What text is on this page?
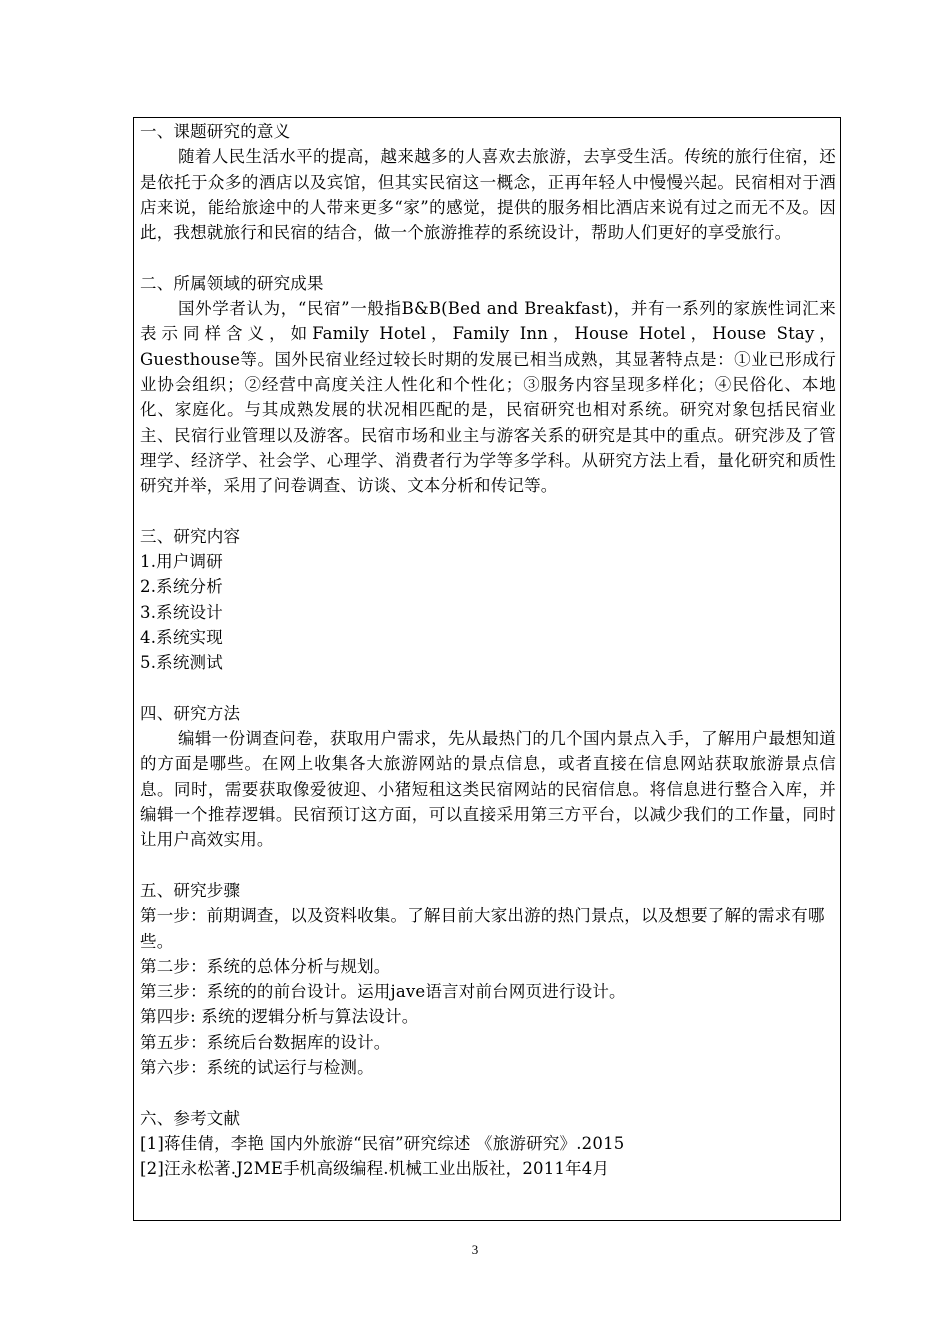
一、课题研究的意义

随着人民生活水平的提高，越来越多的人喜欢去旅游，去享受生活。传统的旅行住宿，还是依托于众多的酒店以及宾馆，但其实民宿这一概念，正再年轻人中慢慢兴起。民宿相对于酒店来说，能给旅途中的人带来更多“家”的感觉，提供的服务相比酒店来说有过之而无不及。因此，我想就旅行和民宿的结合，做一个旅游推荐的系统设计，帮助人们更好的享受旅行。

二、所属领域的研究成果

国外学者认为，“民宿”一般指B&B(Bed and Breakfast)，并有一系列的家族性词汇来表示同样含义，如Family Hotel，Family Inn，House Hotel，House Stay，Guesthouse等。国外民宿业经过较长时期的发展已相当成熟，其显著特点是：①业已形成行业协会组织；②经营中高度关注人性化和个性化；③服务内容呈现多样化；④民俗化、本地化、家庭化。与其成熟发展的状况相匹配的是，民宿研究也相对系统。研究对象包括民宿业主、民宿行业管理以及游客。民宿市场和业主与游客关系的研究是其中的重点。研究涉及了管理学、经济学、社会学、心理学、消费者行为学等多学科。从研究方法上看，量化研究和质性研究并举，采用了问卷调查、访谈、文本分析和传记等。

三、研究内容

1.用户调研

2.系统分析

3.系统设计

4.系统实现

5.系统测试

四、研究方法

编辑一份调查问卷，获取用户需求，先从最热门的几个国内景点入手，了解用户最想知道的方面是哪些。在网上收集各大旅游网站的景点信息，或者直接在信息网站获取旅游景点信息。同时，需要获取像爱彼迎、小猪短租这类民宿网站的民宿信息。将信息进行整合入库，并编辑一个推荐逻辑。民宿预订这方面，可以直接采用第三方平台，以减少我们的工作量，同时让用户高效实用。

五、研究步骤

第一步：前期调查，以及资料收集。了解目前大家出游的热门景点，以及想要了解的需求有哪些。

第二步：系统的总体分析与规划。

第三步：系统的的前台设计。运用jave语言对前台网页进行设计。

第四步: 系统的逻辑分析与算法设计。

第五步：系统后台数据库的设计。

第六步：系统的试运行与检测。

六、参考文献

[1]蒋佳倩，李艳 国内外旅游“民宿”研究综述 《旅游研究》.2015

[2]汪永松著.J2ME手机高级编程.机械工业出版社，2011年4月

3
